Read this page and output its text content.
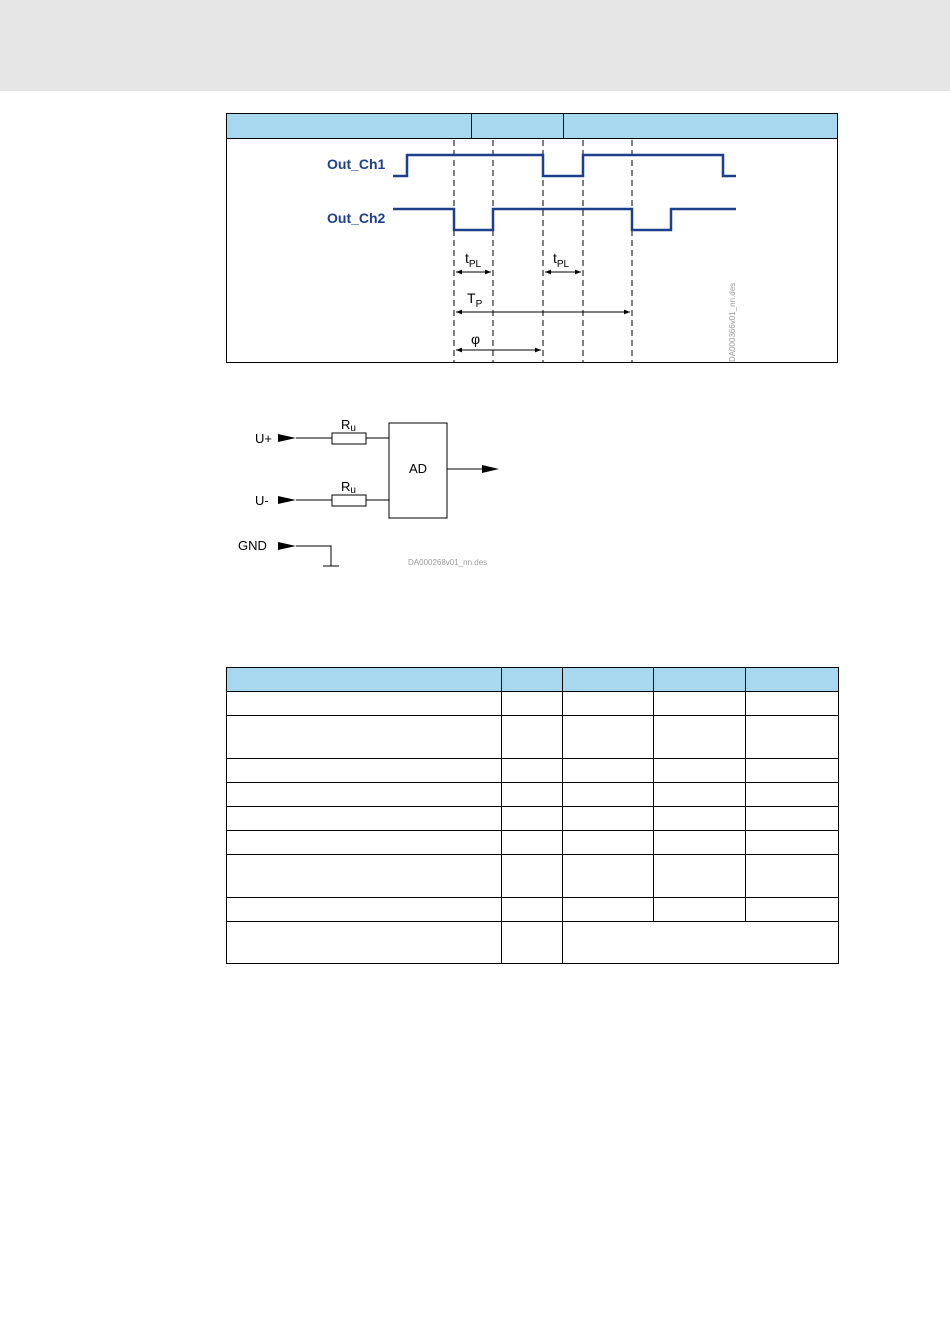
Out_Ch1
Out_Ch2
$t_{PL}$	$t_{PL}$
$T_P$
φ	DA000366v01_nn.des
U+
Ru
U-
Ru
AD
GND
DA000268v01_nn.des
